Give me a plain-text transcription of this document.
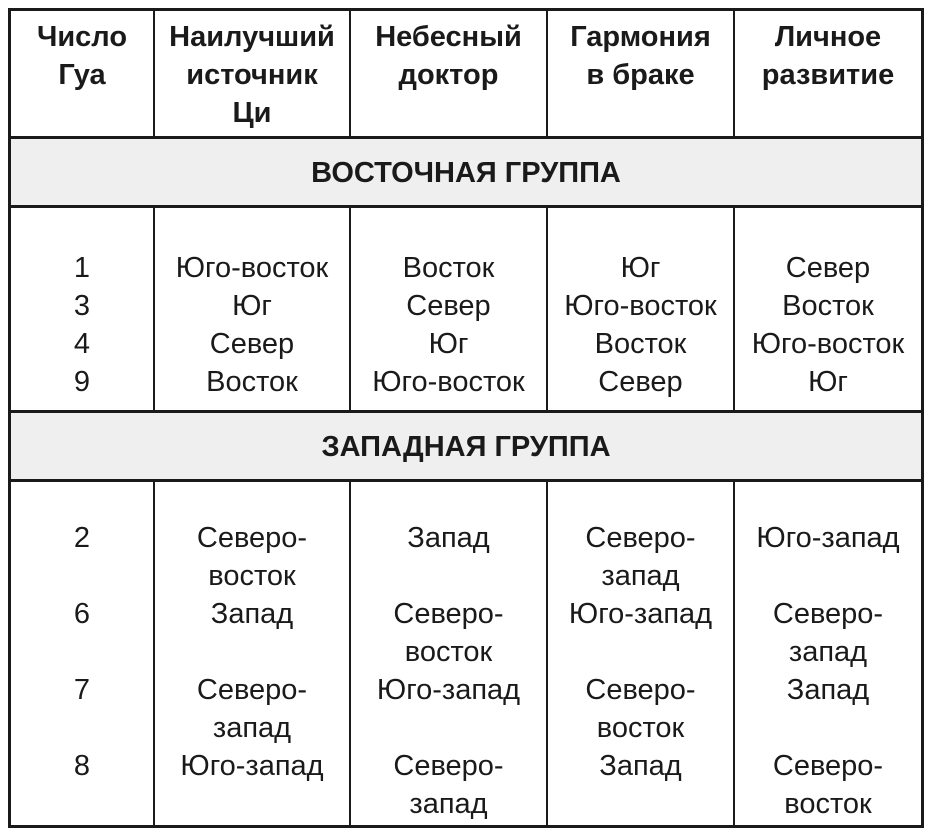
Число
Гуа
Наилучший
источник
Ци
Небесный
доктор
Гармония
в браке
Личное
развитие
ВОСТОЧНАЯ ГРУППА
1
3
4
9
Юго-восток
Юг
Север
Восток
Восток
Север
Юг
Юго-восток
Юг
Юго-восток
Восток
Север
Север
Восток
Юго-восток
Юг
ЗАПАДНАЯ ГРУППА
2
6
7
8
Северо-
восток
Запад
Северо-
запад
Юго-запад
Запад
Северо-
восток
Юго-запад
Северо-
запад
Северо-
запад
Юго-запад
Северо-
восток
Запад
Юго-запад
Северо-
запад
Запад
Северо-
восток
